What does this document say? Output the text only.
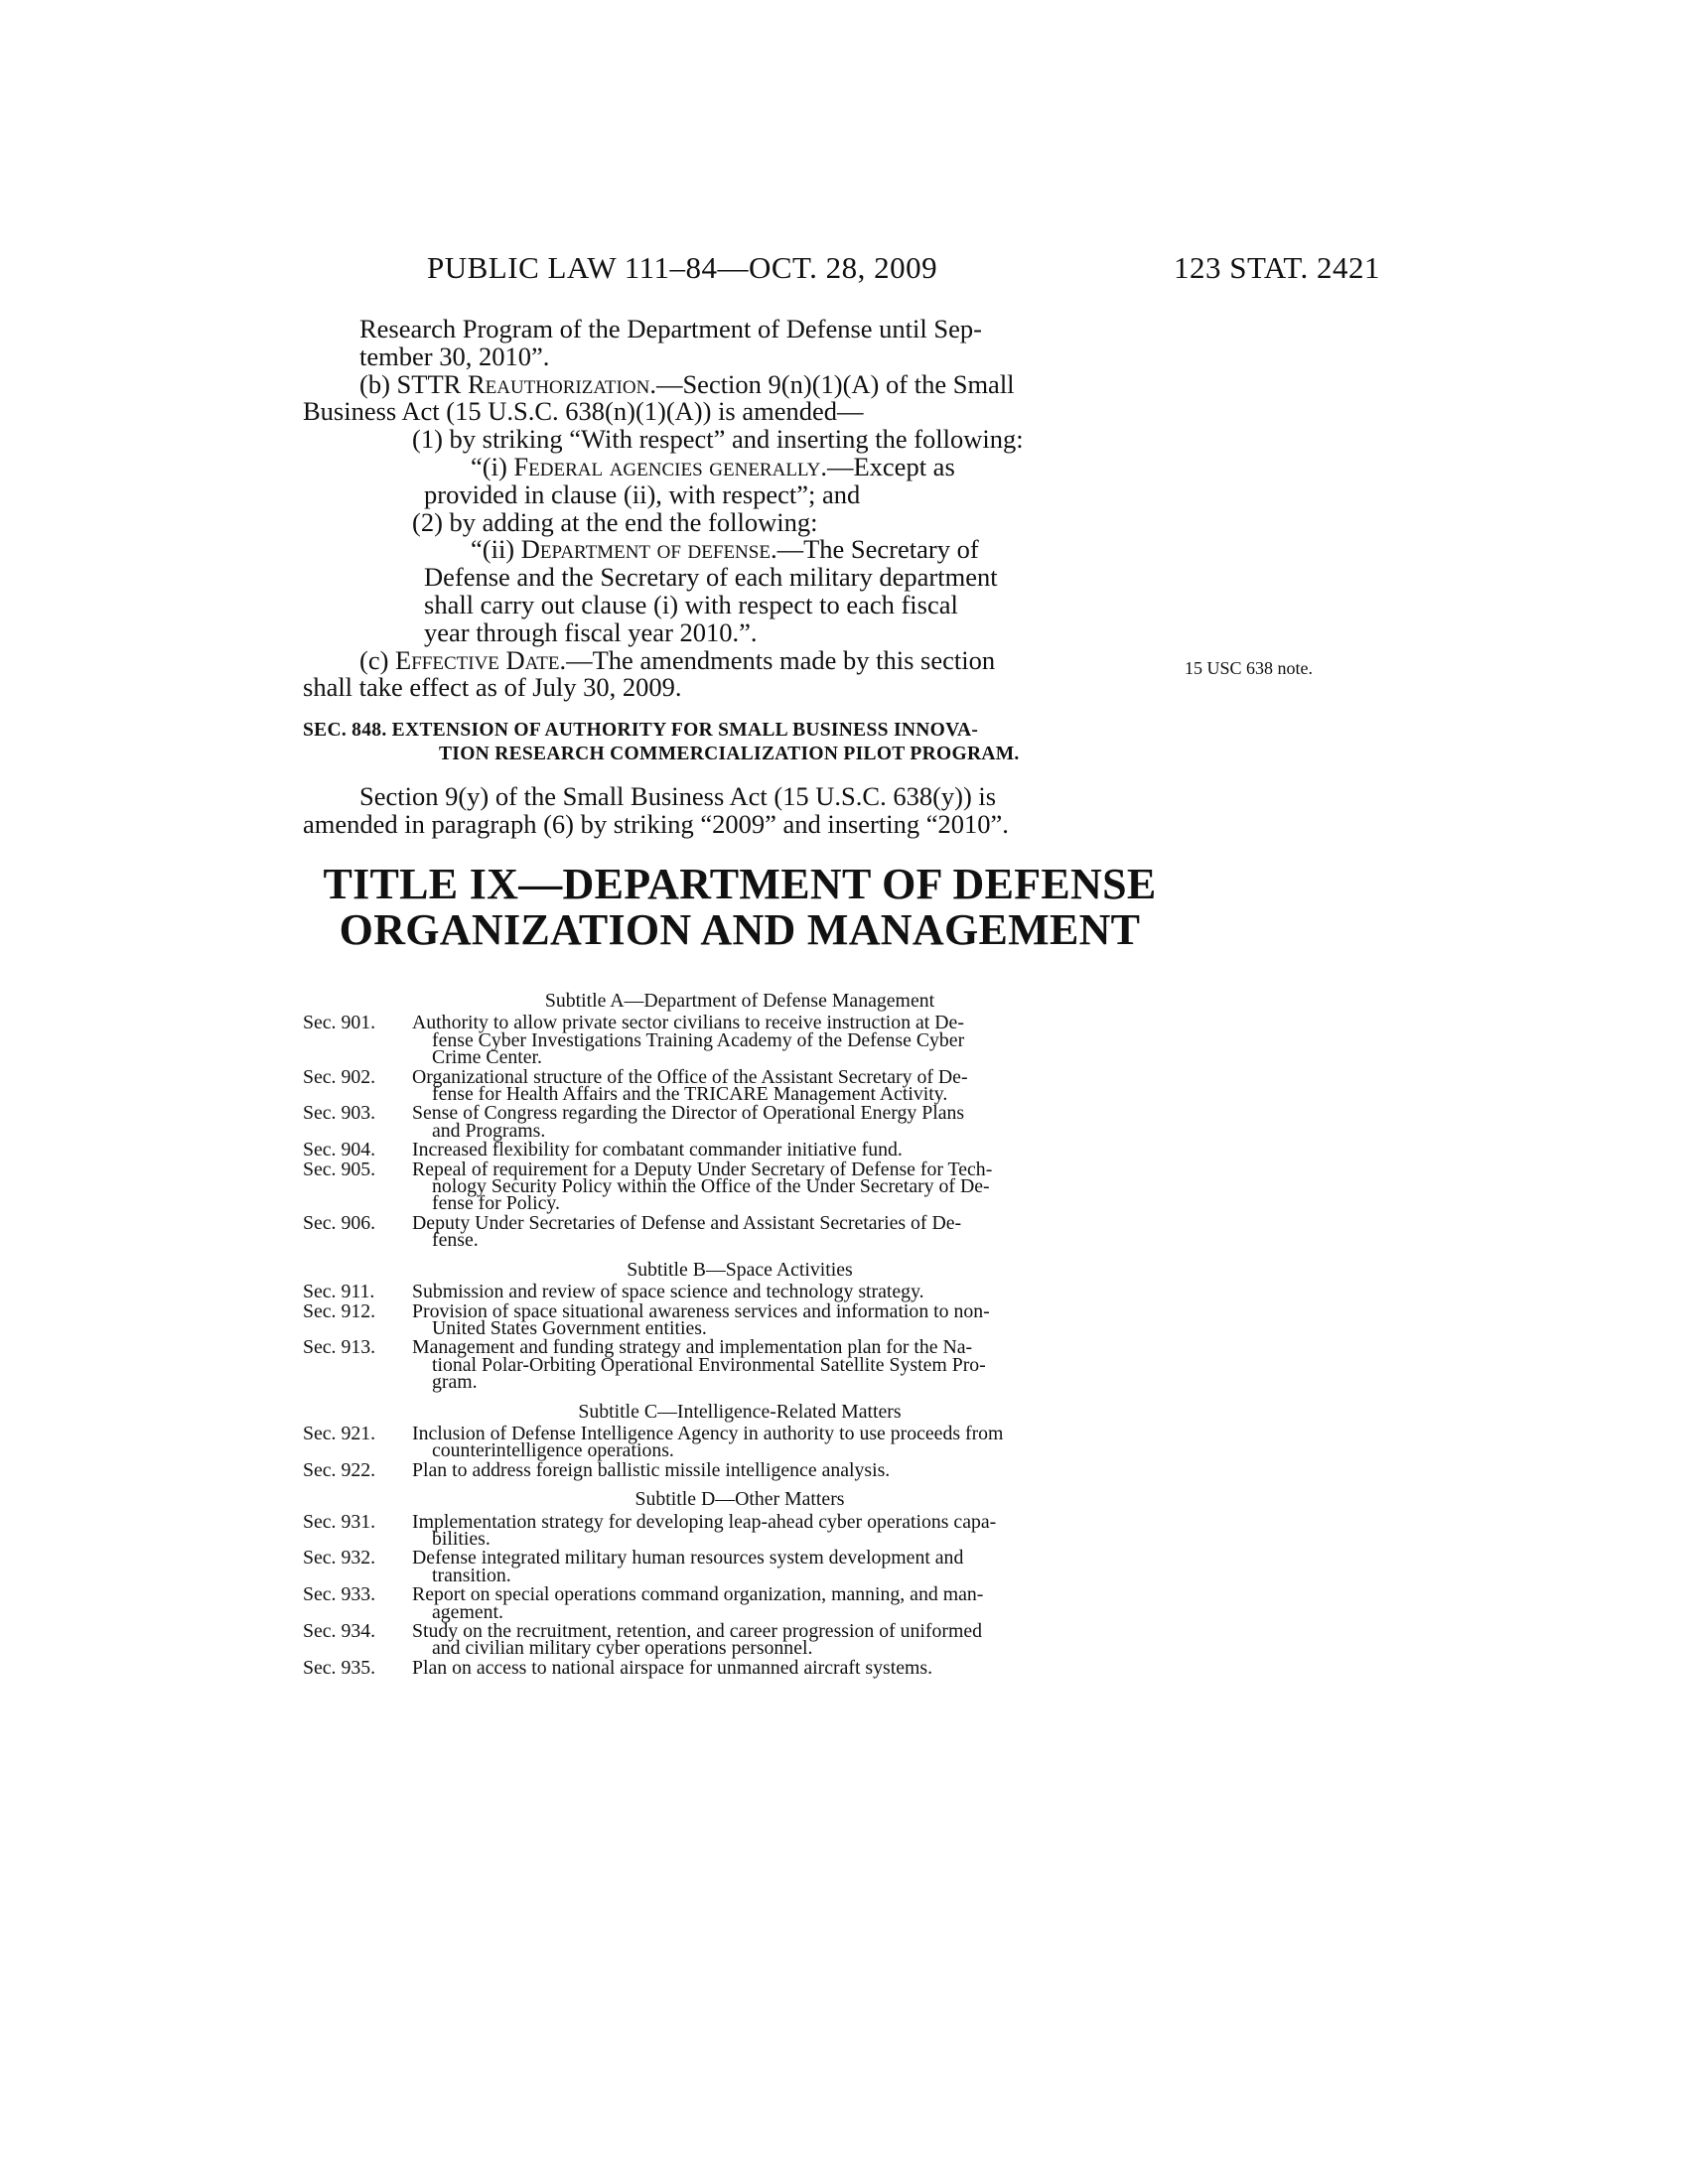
PUBLIC LAW 111–84—OCT. 28, 2009	123 STAT. 2421

Research Program of the Department of Defense until Sep-

tember 30, 2010”.

(b) STTR Reauthorization.—Section 9(n)(1)(A) of the Small

Business Act (15 U.S.C. 638(n)(1)(A)) is amended—

(1) by striking “With respect” and inserting the following:

“(i) Federal agencies generally.—Except as

provided in clause (ii), with respect”; and

(2) by adding at the end the following:

“(ii) Department of defense.—The Secretary of

Defense and the Secretary of each military department

shall carry out clause (i) with respect to each fiscal

year through fiscal year 2010.”.

(c) Effective Date.—The amendments made by this section

shall take effect as of July 30, 2009.

15 USC 638 note.
SEC. 848. EXTENSION OF AUTHORITY FOR SMALL BUSINESS INNOVA-
TION RESEARCH COMMERCIALIZATION PILOT PROGRAM.

Section 9(y) of the Small Business Act (15 U.S.C. 638(y)) is

amended in paragraph (6) by striking “2009” and inserting “2010”.

TITLE IX—DEPARTMENT OF DEFENSE
ORGANIZATION AND MANAGEMENT
Subtitle A—Department of Defense Management
Sec. 901.	Authority to allow private sector civilians to receive instruction at De-
fense Cyber Investigations Training Academy of the Defense Cyber
Crime Center.
Sec. 902.	Organizational structure of the Office of the Assistant Secretary of De-
fense for Health Affairs and the TRICARE Management Activity.
Sec. 903.	Sense of Congress regarding the Director of Operational Energy Plans
and Programs.
Sec. 904.	Increased flexibility for combatant commander initiative fund.
Sec. 905.	Repeal of requirement for a Deputy Under Secretary of Defense for Tech-
nology Security Policy within the Office of the Under Secretary of De-
fense for Policy.
Sec. 906.	Deputy Under Secretaries of Defense and Assistant Secretaries of De-
fense.
Subtitle B—Space Activities
Sec. 911.	Submission and review of space science and technology strategy.
Sec. 912.	Provision of space situational awareness services and information to non-
United States Government entities.
Sec. 913.	Management and funding strategy and implementation plan for the Na-
tional Polar-Orbiting Operational Environmental Satellite System Pro-
gram.
Subtitle C—Intelligence-Related Matters
Sec. 921.	Inclusion of Defense Intelligence Agency in authority to use proceeds from
counterintelligence operations.
Sec. 922.	Plan to address foreign ballistic missile intelligence analysis.
Subtitle D—Other Matters
Sec. 931.	Implementation strategy for developing leap-ahead cyber operations capa-
bilities.
Sec. 932.	Defense integrated military human resources system development and
transition.
Sec. 933.	Report on special operations command organization, manning, and man-
agement.
Sec. 934.	Study on the recruitment, retention, and career progression of uniformed
and civilian military cyber operations personnel.
Sec. 935.	Plan on access to national airspace for unmanned aircraft systems.
